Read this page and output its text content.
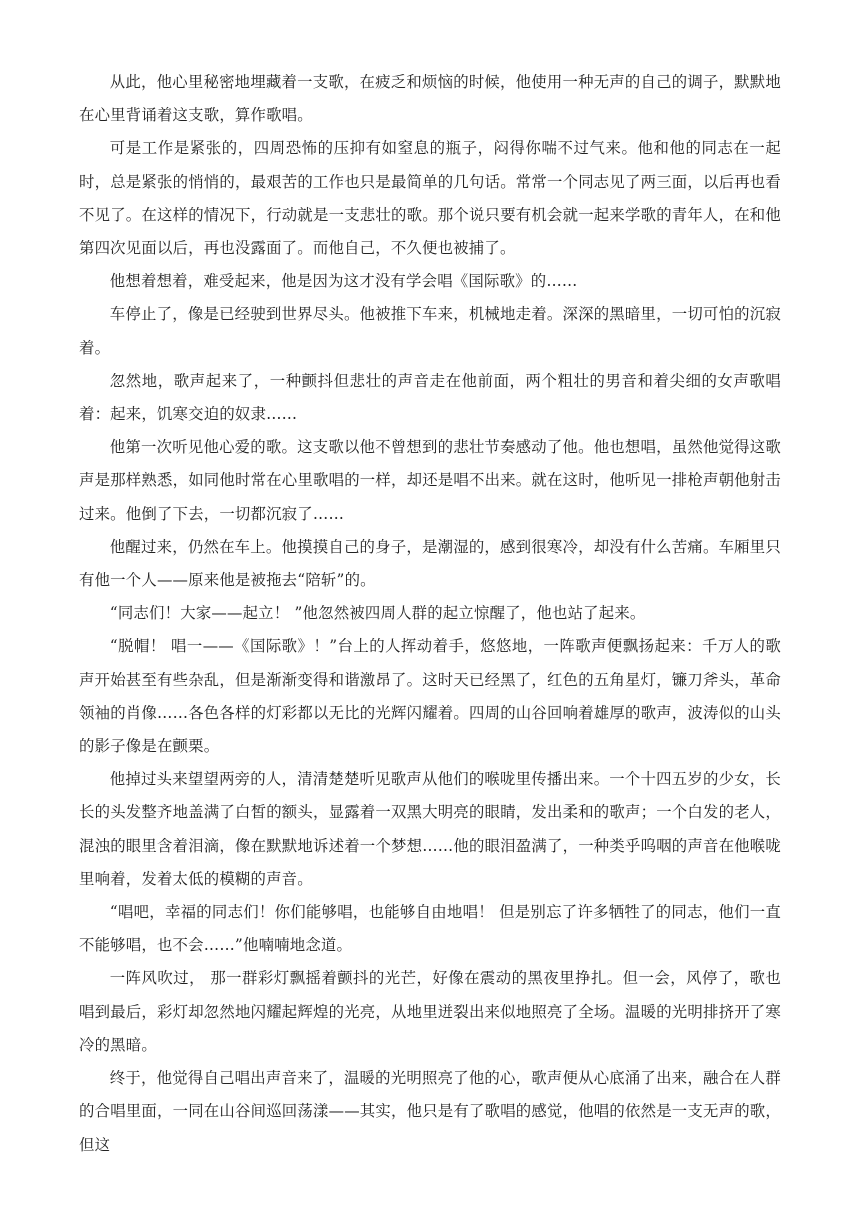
从此，他心里秘密地埋藏着一支歌，在疲乏和烦恼的时候，他使用一种无声的自己的调子，默默地在心里背诵着这支歌，算作歌唱。

可是工作是紧张的，四周恐怖的压抑有如窒息的瓶子，闷得你喘不过气来。他和他的同志在一起时，总是紧张的悄悄的，最艰苦的工作也只是最简单的几句话。常常一个同志见了两三面，以后再也看不见了。在这样的情况下，行动就是一支悲壮的歌。那个说只要有机会就一起来学歌的青年人，在和他第四次见面以后，再也没露面了。而他自己，不久便也被捕了。

他想着想着，难受起来，他是因为这才没有学会唱《国际歌》的……

车停止了，像是已经驶到世界尽头。他被推下车来，机械地走着。深深的黑暗里，一切可怕的沉寂着。

忽然地，歌声起来了，一种颤抖但悲壮的声音走在他前面，两个粗壮的男音和着尖细的女声歌唱着：起来，饥寒交迫的奴隶……

他第一次听见他心爱的歌。这支歌以他不曾想到的悲壮节奏感动了他。他也想唱，虽然他觉得这歌声是那样熟悉，如同他时常在心里歌唱的一样，却还是唱不出来。就在这时，他听见一排枪声朝他射击过来。他倒了下去，一切都沉寂了……

他醒过来，仍然在车上。他摸摸自己的身子，是潮湿的，感到很寒冷，却没有什么苦痛。车厢里只有他一个人——原来他是被拖去“陪斩”的。

“同志们！大家——起立！ ”他忽然被四周人群的起立惊醒了，他也站了起来。

“脱帽！ 唱一——《国际歌》！”台上的人挥动着手，悠悠地，一阵歌声便飘扬起来：千万人的歌声开始甚至有些杂乱，但是渐渐变得和谐激昂了。这时天已经黑了，红色的五角星灯，镰刀斧头，革命领袖的肖像……各色各样的灯彩都以无比的光辉闪耀着。四周的山谷回响着雄厚的歌声，波涛似的山头的影子像是在颤栗。

他掉过头来望望两旁的人，清清楚楚听见歌声从他们的喉咙里传播出来。一个十四五岁的少女，长长的头发整齐地盖满了白皙的额头，显露着一双黑大明亮的眼睛，发出柔和的歌声；一个白发的老人，混浊的眼里含着泪滴，像在默默地诉述着一个梦想……他的眼泪盈满了，一种类乎呜咽的声音在他喉咙里响着，发着太低的模糊的声音。

“唱吧，幸福的同志们！你们能够唱，也能够自由地唱！ 但是别忘了许多牺牲了的同志，他们一直不能够唱，也不会……”他喃喃地念道。

一阵风吹过， 那一群彩灯飘摇着颤抖的光芒，好像在震动的黑夜里挣扎。但一会，风停了，歌也唱到最后，彩灯却忽然地闪耀起辉煌的光亮，从地里迸裂出来似地照亮了全场。温暖的光明排挤开了寒冷的黑暗。

终于，他觉得自己唱出声音来了，温暖的光明照亮了他的心，歌声便从心底涌了出来，融合在人群的合唱里面，一同在山谷间巡回荡漾——其实，他只是有了歌唱的感觉，他唱的依然是一支无声的歌，但这
